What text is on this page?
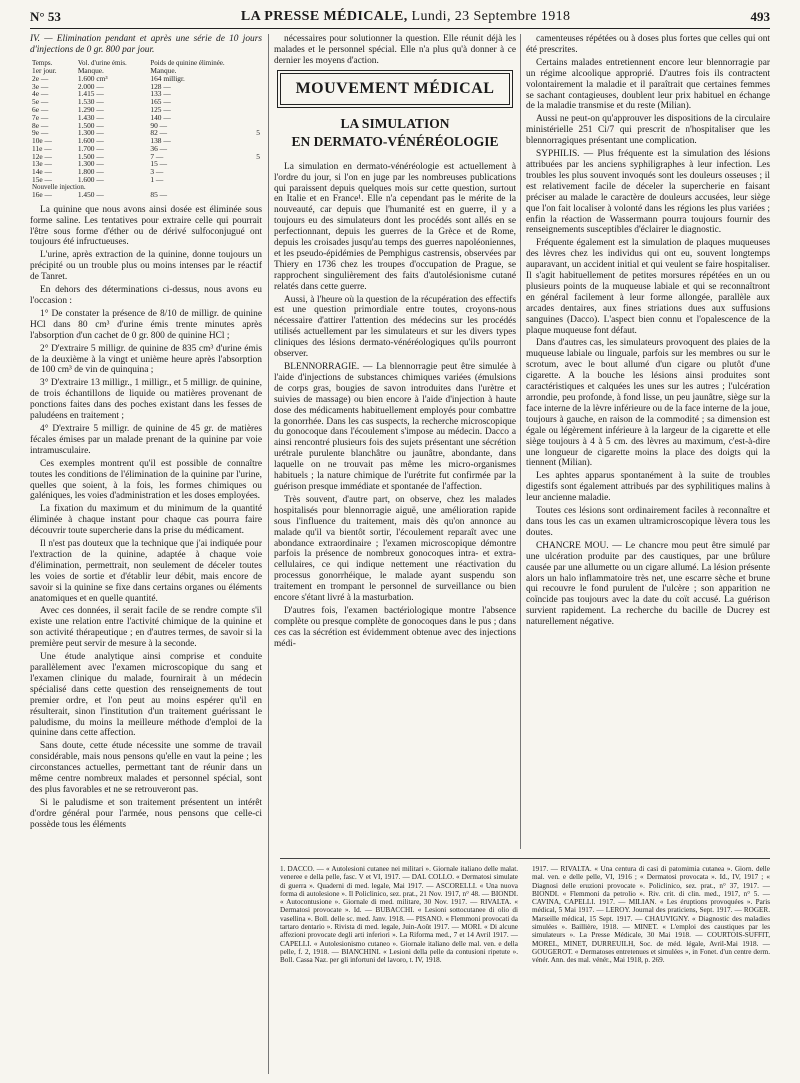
N° 53	LA PRESSE MÉDICALE, Lundi, 23 Septembre 1918	493

IV. — Elimination pendant et après une série de 10 jours d'injections de 0 gr. 800 par jour.

Temps.	Vol. d'urine émis.	Poids de quinine éliminée.	
1er jour.	Manque.	Manque.	
2e —	1.600 cm³	164 milligr.	
3e —	2.000 —	128 —	
4e —	1.415 —	133 —	
5e —	1.530 —	165 —	
6e —	1.290 —	125 —	
7e —	1.430 —	140 —	
8e —	1.500 —	90 —	
9e —	1.300 —	82 —	5
10e —	1.600 —	138 —	
11e —	1.700 —	36 —	
12e —	1.500 —	7 —	5
13e —	1.300 —	15 —	
14e —	1.800 —	3 —	
15e —	1.600 —	1 —	
Nouvelle injection.			
16e —	1.450 —	85 —	

La quinine que nous avons ainsi dosée est éliminée sous forme saline. Les tentatives pour extraire celle qui pourrait l'être sous forme d'éther ou de dérivé sulfoconjugué ont toujours été infructueuses.

L'urine, après extraction de la quinine, donne toujours un précipité ou un trouble plus ou moins intenses par le réactif de Tanret.

En dehors des déterminations ci-dessus, nous avons eu l'occasion :

1° De constater la présence de 8/10 de milligr. de quinine HCl dans 80 cm³ d'urine émis trente minutes après l'absorption d'un cachet de 0 gr. 800 de quinine HCl ;

2° D'extraire 5 milligr. de quinine de 835 cm³ d'urine émis de la deuxième à la vingt et unième heure après l'absorption de 100 cm³ de vin de quinquina ;

3° D'extraire 13 milligr., 1 milligr., et 5 milligr. de quinine, de trois échantillons de liquide ou matières provenant de ponctions faites dans des poches existant dans les fesses de paludéens en traitement ;

4° D'extraire 5 milligr. de quinine de 45 gr. de matières fécales émises par un malade prenant de la quinine par voie intramusculaire.

Ces exemples montrent qu'il est possible de connaître toutes les conditions de l'élimination de la quinine par l'urine, quelles que soient, à la fois, les formes chimiques ou galéniques, les voies d'administration et les doses employées.

La fixation du maximum et du minimum de la quantité éliminée à chaque instant pour chaque cas pourra faire découvrir toute supercherie dans la prise du médicament.

Il n'est pas douteux que la technique que j'ai indiquée pour l'extraction de la quinine, adaptée à chaque voie d'élimination, permettrait, non seulement de déceler toutes les voies de sortie et d'établir leur débit, mais encore de savoir si la quinine se fixe dans certains organes ou éléments anatomiques et en quelle quantité.

Avec ces données, il serait facile de se rendre compte s'il existe une relation entre l'activité chimique de la quinine et son activité thérapeutique ; en d'autres termes, de savoir si la première peut servir de mesure à la seconde.

Une étude analytique ainsi comprise et conduite parallèlement avec l'examen microscopique du sang et l'examen clinique du malade, fournirait à un médecin spécialisé dans cette question des renseignements de tout premier ordre, et l'on peut au moins espérer qu'il en résulterait, sinon l'institution d'un traitement guérissant le paludisme, du moins la meilleure méthode d'emploi de la quinine dans cette affection.

Sans doute, cette étude nécessite une somme de travail considérable, mais nous pensons qu'elle en vaut la peine ; les circonstances actuelles, permettant tant de réunir dans un même centre nombreux malades et personnel spécial, sont des plus favorables et ne se retrouveront pas.

Si le paludisme et son traitement présentent un intérêt d'ordre général pour l'armée, nous pensons que celle-ci possède tous les éléments

nécessaires pour solutionner la question. Elle réunit déjà les malades et le personnel spécial. Elle n'a plus qu'à donner à ce dernier les moyens d'action.

MOUVEMENT MÉDICAL
LA SIMULATION
EN DERMATO-VÉNÉRÉOLOGIE

La simulation en dermato-vénéréologie est actuellement à l'ordre du jour, si l'on en juge par les nombreuses publications qui paraissent depuis quelques mois sur cette question, surtout en Italie et en France¹. Elle n'a cependant pas le mérite de la nouveauté, car depuis que l'humanité est en guerre, il y a toujours eu des simulateurs dont les procédés sont allés en se perfectionnant, depuis les guerres de la Grèce et de Rome, depuis les croisades jusqu'au temps des guerres napoléoniennes, et les pseudo-épidémies de Pemphigus castrensis, observées par Thiery en 1736 chez les troupes d'occupation de Prague, se rapprochent singulièrement des faits d'autolésionisme cutané relatés dans cette guerre.

Aussi, à l'heure où la question de la récupération des effectifs est une question primordiale entre toutes, croyons-nous nécessaire d'attirer l'attention des médecins sur les procédés utilisés actuellement par les simulateurs et sur les divers types cliniques des lésions dermato-vénéréologiques qu'ils pourront observer.

BLENNORRAGIE. — La blennorragie peut être simulée à l'aide d'injections de substances chimiques variées (émulsions de corps gras, bougies de savon introduites dans l'urètre et suivies de massage) ou bien encore à l'aide d'injection à haute dose des médicaments habituellement employés pour combattre la gonorrhée. Dans les cas suspects, la recherche microscopique du gonocoque dans l'écoulement s'impose au médecin. Dacco a ainsi rencontré plusieurs fois des sujets présentant une sécrétion urétrale purulente blanchâtre ou jaunâtre, abondante, dans laquelle on ne trouvait pas même les micro-organismes habituels ; la nature chimique de l'urétrite fut confirmée par la guérison presque immédiate et spontanée de l'affection.

Très souvent, d'autre part, on observe, chez les malades hospitalisés pour blennorragie aiguë, une amélioration rapide sous l'influence du traitement, mais dès qu'on annonce au malade qu'il va bientôt sortir, l'écoulement reparaît avec une abondance extraordinaire ; l'examen microscopique démontre parfois la présence de nombreux gonocoques intra- et extra-cellulaires, ce qui indique nettement une réactivation du processus gonorrhéique, le malade ayant suspendu son traitement en trompant le personnel de surveillance ou bien encore s'étant livré à la masturbation.

D'autres fois, l'examen bactériologique montre l'absence complète ou presque complète de gonocoques dans le pus ; dans ces cas la sécrétion est évidemment obtenue avec des injections médi-

camenteuses répétées ou à doses plus fortes que celles qui ont été prescrites.

Certains malades entretiennent encore leur blennorragie par un régime alcoolique approprié. D'autres fois ils contractent volontairement la maladie et il paraîtrait que certaines femmes se sachant contagieuses, doublent leur prix habituel en échange de la maladie transmise et du reste (Milian).

Aussi ne peut-on qu'approuver les dispositions de la circulaire ministérielle 251 Ci/7 qui prescrit de n'hospitaliser que les blennorragiques présentant une complication.

SYPHILIS. — Plus fréquente est la simulation des lésions attribuées par les anciens syphiligraphes à leur infection. Les troubles les plus souvent invoqués sont les douleurs osseuses ; il est relativement facile de déceler la supercherie en faisant préciser au malade le caractère de douleurs accusées, leur siège que l'on fait localiser à volonté dans les régions les plus variées ; enfin la réaction de Wassermann pourra toujours fournir des renseignements susceptibles d'éclairer le diagnostic.

Fréquente également est la simulation de plaques muqueuses des lèvres chez les individus qui ont eu, souvent longtemps auparavant, un accident initial et qui veulent se faire hospitaliser. Il s'agit habituellement de petites morsures répétées en un ou plusieurs points de la muqueuse labiale et qui se reconnaîtront en général facilement à leur forme allongée, parallèle aux arcades dentaires, aux fines striations dues aux suffusions sanguines (Dacco). L'aspect bien connu et l'opalescence de la plaque muqueuse font défaut.

Dans d'autres cas, les simulateurs provoquent des plaies de la muqueuse labiale ou linguale, parfois sur les membres ou sur le scrotum, avec le bout allumé d'un cigare ou plutôt d'une cigarette. A la bouche les lésions ainsi produites sont caractéristiques et calquées les unes sur les autres ; l'ulcération arrondie, peu profonde, à fond lisse, un peu jaunâtre, siège sur la face interne de la lèvre inférieure ou de la face interne de la joue, toujours à gauche, en raison de la commodité ; sa dimension est égale ou légèrement inférieure à la largeur de la cigarette et elle siège toujours à 4 à 5 cm. des lèvres au maximum, c'est-à-dire une longueur de cigarette moins la place des doigts qui la tiennent (Milian).

Les aphtes apparus spontanément à la suite de troubles digestifs sont également attribués par des syphilitiques malins à leur ancienne maladie.

Toutes ces lésions sont ordinairement faciles à reconnaître et dans tous les cas un examen ultramicroscopique lèvera tous les doutes.

CHANCRE MOU. — Le chancre mou peut être simulé par une ulcération produite par des caustiques, par une brûlure causée par une allumette ou un cigare allumé. La lésion présente alors un halo inflammatoire très net, une escarre sèche et brune qui recouvre le fond purulent de l'ulcère ; son apparition ne coïncide pas toujours avec la date du coït accusé. La guérison survient rapidement. La recherche du bacille de Ducrey est naturellement négative.

1. DACCO. — « Autolesioni cutanee nei militari ». Giornale italiano delle malat. veneree e della pelle, fasc. V et VI, 1917. — DAL COLLO. « Dermatosi simulate di guerra ». Quaderni di med. legale, Mai 1917. — ASCORELLI. « Una nuova forma di autolesione ». Il Policlinico, sez. prat., 21 Nov. 1917, n° 48. — BIONDI. « Autocontusione ». Giornale di med. militare, 30 Nov. 1917. — RIVALTA. « Dermatosi provocate ». Id. — BUBACCHI. « Lesioni sottocutanee di olio di vasellina ». Boll. delle sc. med. Janv. 1918. — PISANO. « Flemmoni provocati da tartaro dentario ». Rivista di med. legale, Juin-Août 1917. — MORI. « Di alcune affezioni provocate degli arti inferiori ». La Riforma med., 7 et 14 Avril 1917. — CAPELLI. « Autolesionismo cutaneo ». Giornale italiano delle mal. ven. e della pelle, f. 2, 1918. — BIANCHINI. « Lesioni della pelle da contusioni ripetute ». Boll. Cassa Naz. per gli infortuni del lavoro, t. IV, 1918.
1917. — RIVALTA. « Una centura di casi di patomimia cutanea ». Giorn. delle mal. ven. e delle pelle, VI, 1916 ; « Dermatosi provocata ». Id., IV, 1917 ; « Diagnosi delle eruzioni provocate ». Policlinico, sez. prat., n° 37, 1917. — BIONDI. « Flemmoni da petrolio ». Riv. crit. di clin. med., 1917, n° 5. — CAVINA, CAPELLI. 1917. — MILIAN. « Les éruptions provoquées ». Paris médical, 5 Mai 1917. — LEROY. Journal des praticiens, Sept. 1917. — ROGER. Marseille médical, 15 Sept. 1917. — CHAUVIGNY. « Diagnostic des maladies simulées ». Baillière, 1918. — MINET. « L'emploi des caustiques par les simulateurs ». La Presse Médicale, 30 Mai 1918. — COURTOIS-SUFFIT, MOREL, MINET, DURREUILH, Soc. de méd. légale, Avril-Mai 1918. — GOUGEROT. « Dermatoses entretenues et simulées », in Fonet. d'un centre derm. vénér. Ann. des mal. vénér., Mai 1918, p. 269.
